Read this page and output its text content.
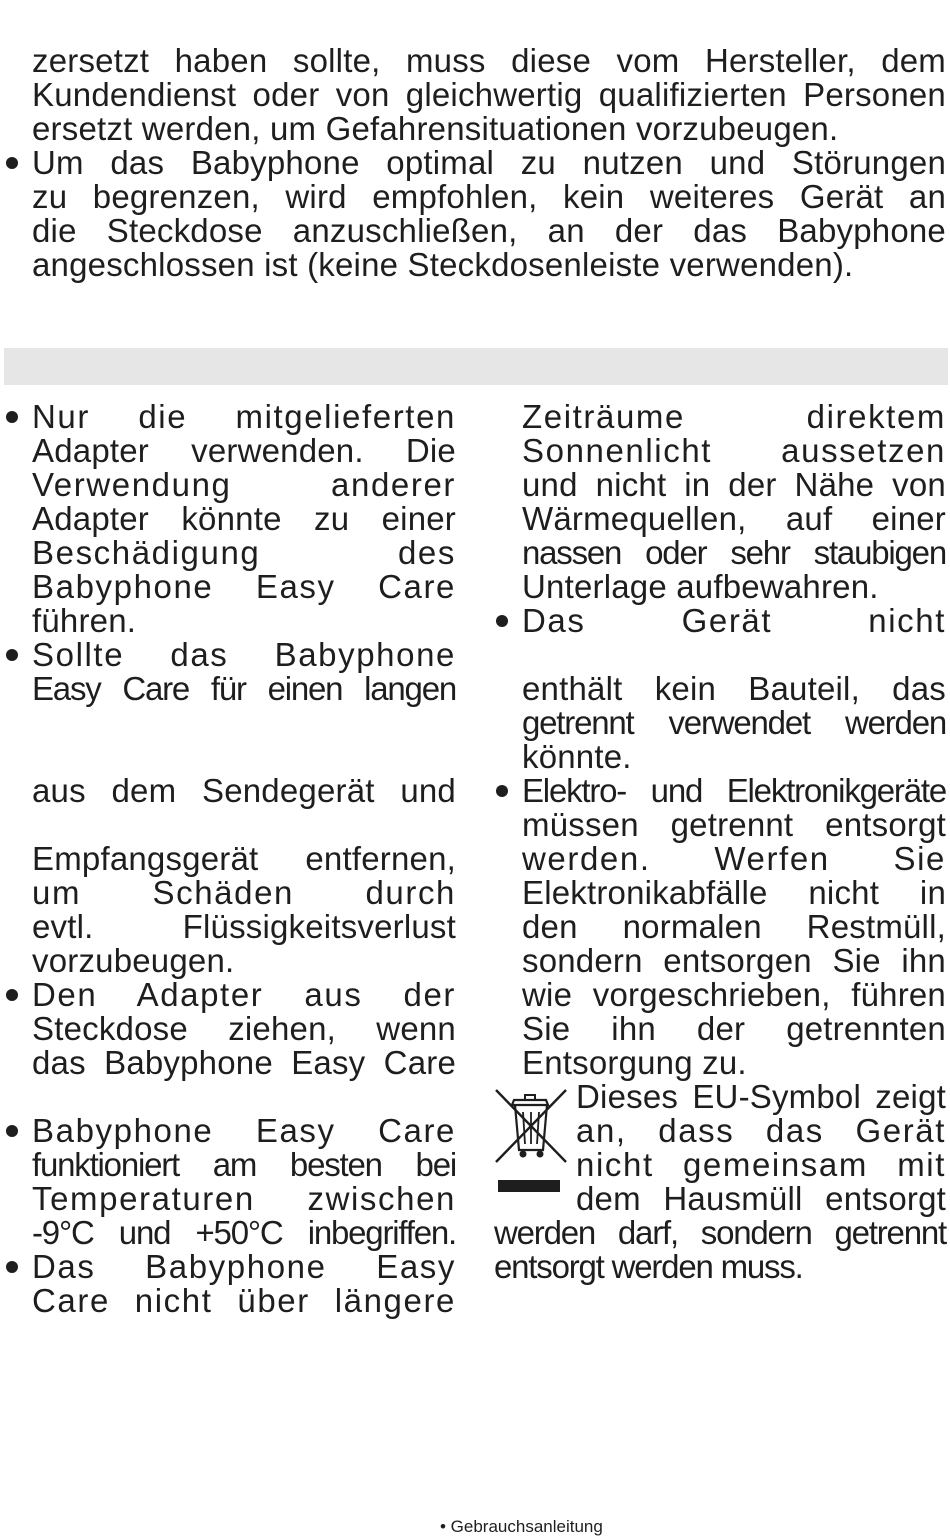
zersetzt haben sollte, muss diese vom Hersteller, dem
Kundendienst oder von gleichwertig qualifizierten Personen
ersetzt werden, um Gefahrensituationen vorzubeugen.
Um das Babyphone optimal zu nutzen und Störungen
zu begrenzen, wird empfohlen, kein weiteres Gerät an
die Steckdose anzuschließen, an der das Babyphone
angeschlossen ist (keine Steckdosenleiste verwenden).
Nur die mitgelieferten
Adapter verwenden. Die
Verwendung anderer
Adapter könnte zu einer
Beschädigung des
Babyphone Easy Care
führen.
Sollte das Babyphone
Easy Care für einen langen
aus dem Sendegerät und
Empfangsgerät entfernen,
um Schäden durch
evtl. Flüssigkeitsverlust
vorzubeugen.
Den Adapter aus der
Steckdose ziehen, wenn
das Babyphone Easy Care
Babyphone Easy Care
funktioniert am besten bei
Temperaturen zwischen
-9°C und +50°C inbegriffen.
Das Babyphone Easy
Care nicht über längere
Zeiträume direktem
Sonnenlicht aussetzen
und nicht in der Nähe von
Wärmequellen, auf einer
nassen oder sehr staubigen
Unterlage aufbewahren.
Das Gerät nicht
enthält kein Bauteil, das
getrennt verwendet werden
könnte.
Elektro- und Elektronikgeräte
müssen getrennt entsorgt
werden. Werfen Sie
Elektronikabfälle nicht in
den normalen Restmüll,
sondern entsorgen Sie ihn
wie vorgeschrieben, führen
Sie ihn der getrennten
Entsorgung zu.
Dieses EU-Symbol zeigt
an, dass das Gerät
nicht gemeinsam mit
dem Hausmüll entsorgt
werden darf, sondern getrennt
entsorgt werden muss.
• Gebrauchsanleitung
